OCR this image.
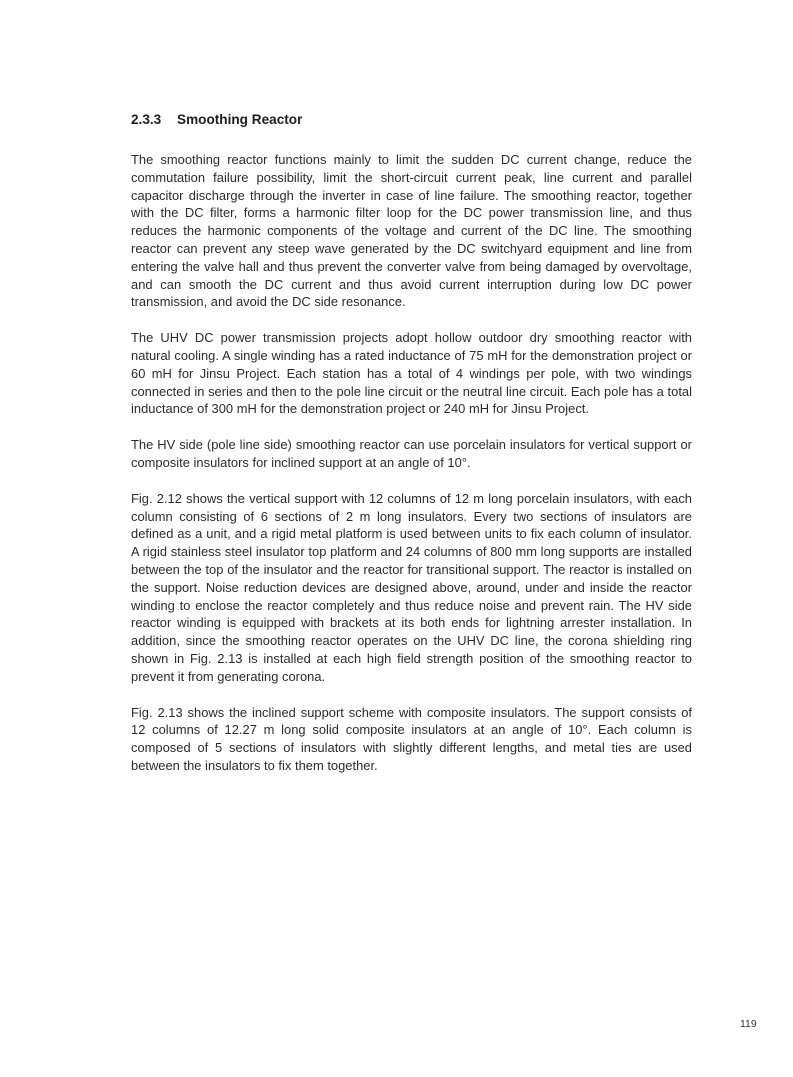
2.3.3 Smoothing Reactor

The smoothing reactor functions mainly to limit the sudden DC current change, reduce the commutation failure possibility, limit the short-circuit current peak, line current and parallel capacitor discharge through the inverter in case of line failure. The smoothing reactor, together with the DC filter, forms a harmonic filter loop for the DC power transmission line, and thus reduces the harmonic components of the voltage and current of the DC line. The smoothing reactor can prevent any steep wave generated by the DC switchyard equipment and line from entering the valve hall and thus prevent the converter valve from being damaged by overvoltage, and can smooth the DC current and thus avoid current interruption during low DC power transmission, and avoid the DC side resonance.

The UHV DC power transmission projects adopt hollow outdoor dry smoothing reactor with natural cooling. A single winding has a rated inductance of 75 mH for the demonstration project or 60 mH for Jinsu Project. Each station has a total of 4 windings per pole, with two windings connected in series and then to the pole line circuit or the neutral line circuit. Each pole has a total inductance of 300 mH for the demonstration project or 240 mH for Jinsu Project.

The HV side (pole line side) smoothing reactor can use porcelain insulators for vertical support or composite insulators for inclined support at an angle of 10°.

Fig. 2.12 shows the vertical support with 12 columns of 12 m long porcelain insulators, with each column consisting of 6 sections of 2 m long insulators. Every two sections of insulators are defined as a unit, and a rigid metal platform is used between units to fix each column of insulator. A rigid stainless steel insulator top platform and 24 columns of 800 mm long supports are installed between the top of the insulator and the reactor for transitional support. The reactor is installed on the support. Noise reduction devices are designed above, around, under and inside the reactor winding to enclose the reactor completely and thus reduce noise and prevent rain. The HV side reactor winding is equipped with brackets at its both ends for lightning arrester installation. In addition, since the smoothing reactor operates on the UHV DC line, the corona shielding ring shown in Fig. 2.13 is installed at each high field strength position of the smoothing reactor to prevent it from generating corona.

Fig. 2.13 shows the inclined support scheme with composite insulators. The support consists of 12 columns of 12.27 m long solid composite insulators at an angle of 10°. Each column is composed of 5 sections of insulators with slightly different lengths, and metal ties are used between the insulators to fix them together.

119
